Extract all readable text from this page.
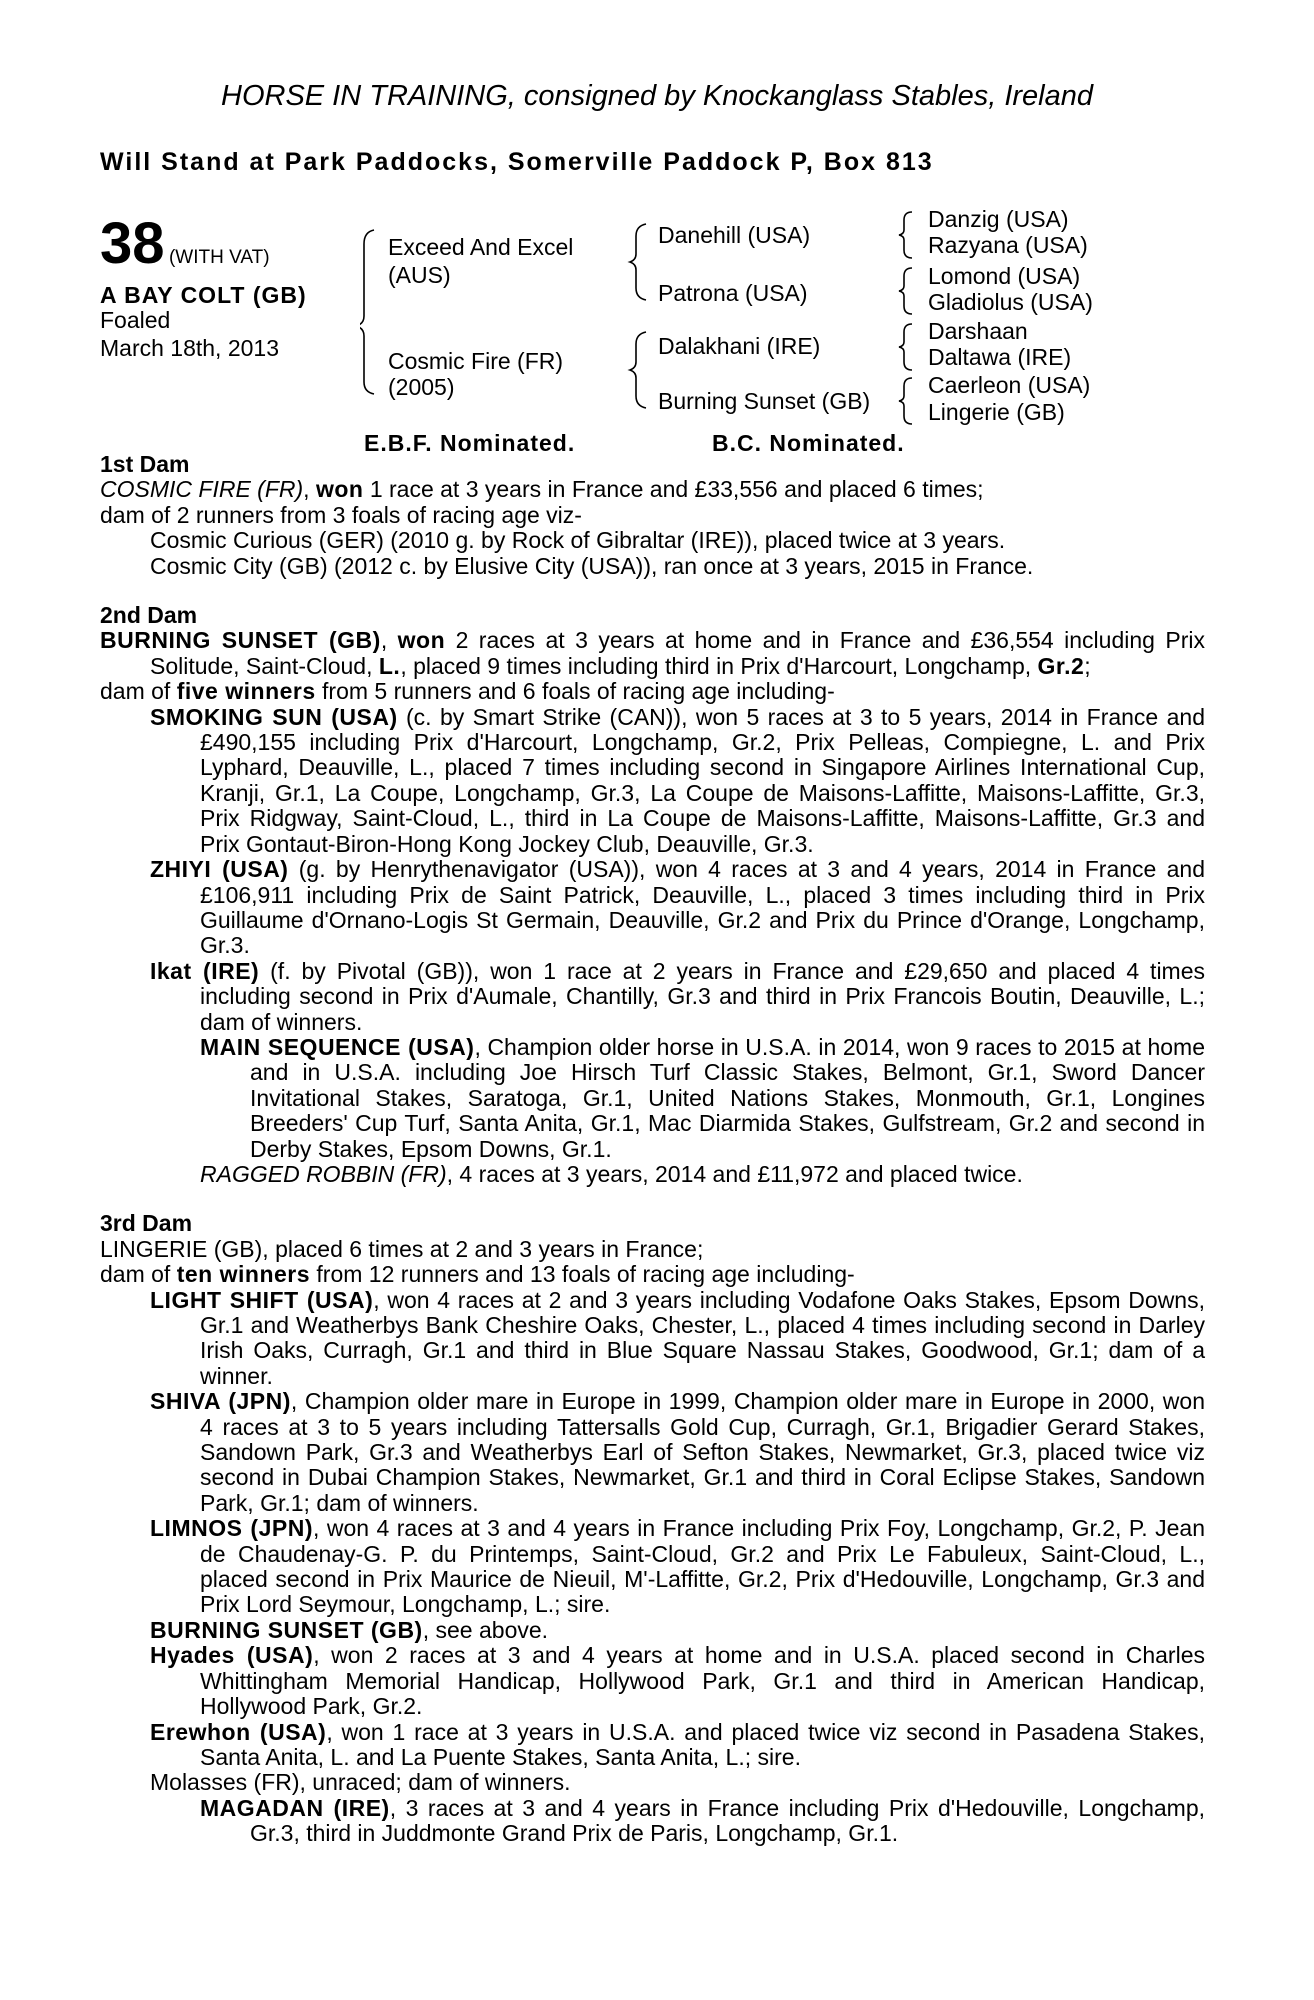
HORSE IN TRAINING, consigned by Knockanglass Stables, Ireland
Will Stand at Park Paddocks, Somerville Paddock P, Box 813
38 (WITH VAT)
A BAY COLT (GB)
Foaled
March 18th, 2013
Exceed And Excel
(AUS)
Cosmic Fire (FR)
(2005)
Danehill (USA)
Patrona (USA)
Dalakhani (IRE)
Burning Sunset (GB)
Danzig (USA)
Razyana (USA)
Lomond (USA)
Gladiolus (USA)
Darshaan
Daltawa (IRE)
Caerleon (USA)
Lingerie (GB)
E.B.F. Nominated.	B.C. Nominated.
1st Dam
COSMIC FIRE (FR), won 1 race at 3 years in France and £33,556 and placed 6 times;
dam of 2 runners from 3 foals of racing age viz-
Cosmic Curious (GER) (2010 g. by Rock of Gibraltar (IRE)), placed twice at 3 years.
Cosmic City (GB) (2012 c. by Elusive City (USA)), ran once at 3 years, 2015 in France.
2nd Dam
BURNING SUNSET (GB), won 2 races at 3 years at home and in France and £36,554 including Prix Solitude, Saint-Cloud, L., placed 9 times including third in Prix d'Harcourt, Longchamp, Gr.2;
dam of five winners from 5 runners and 6 foals of racing age including-
SMOKING SUN (USA) (c. by Smart Strike (CAN)), won 5 races at 3 to 5 years, 2014 in France and £490,155 including Prix d'Harcourt, Longchamp, Gr.2, Prix Pelleas, Compiegne, L. and Prix Lyphard, Deauville, L., placed 7 times including second in Singapore Airlines International Cup, Kranji, Gr.1, La Coupe, Longchamp, Gr.3, La Coupe de Maisons-Laffitte, Maisons-Laffitte, Gr.3, Prix Ridgway, Saint-Cloud, L., third in La Coupe de Maisons-Laffitte, Maisons-Laffitte, Gr.3 and Prix Gontaut-Biron-Hong Kong Jockey Club, Deauville, Gr.3.
ZHIYI (USA) (g. by Henrythenavigator (USA)), won 4 races at 3 and 4 years, 2014 in France and £106,911 including Prix de Saint Patrick, Deauville, L., placed 3 times including third in Prix Guillaume d'Ornano-Logis St Germain, Deauville, Gr.2 and Prix du Prince d'Orange, Longchamp, Gr.3.
Ikat (IRE) (f. by Pivotal (GB)), won 1 race at 2 years in France and £29,650 and placed 4 times including second in Prix d'Aumale, Chantilly, Gr.3 and third in Prix Francois Boutin, Deauville, L.; dam of winners.
MAIN SEQUENCE (USA), Champion older horse in U.S.A. in 2014, won 9 races to 2015 at home and in U.S.A. including Joe Hirsch Turf Classic Stakes, Belmont, Gr.1, Sword Dancer Invitational Stakes, Saratoga, Gr.1, United Nations Stakes, Monmouth, Gr.1, Longines Breeders' Cup Turf, Santa Anita, Gr.1, Mac Diarmida Stakes, Gulfstream, Gr.2 and second in Derby Stakes, Epsom Downs, Gr.1.
RAGGED ROBBIN (FR), 4 races at 3 years, 2014 and £11,972 and placed twice.
3rd Dam
LINGERIE (GB), placed 6 times at 2 and 3 years in France;
dam of ten winners from 12 runners and 13 foals of racing age including-
LIGHT SHIFT (USA), won 4 races at 2 and 3 years including Vodafone Oaks Stakes, Epsom Downs, Gr.1 and Weatherbys Bank Cheshire Oaks, Chester, L., placed 4 times including second in Darley Irish Oaks, Curragh, Gr.1 and third in Blue Square Nassau Stakes, Goodwood, Gr.1; dam of a winner.
SHIVA (JPN), Champion older mare in Europe in 1999, Champion older mare in Europe in 2000, won 4 races at 3 to 5 years including Tattersalls Gold Cup, Curragh, Gr.1, Brigadier Gerard Stakes, Sandown Park, Gr.3 and Weatherbys Earl of Sefton Stakes, Newmarket, Gr.3, placed twice viz second in Dubai Champion Stakes, Newmarket, Gr.1 and third in Coral Eclipse Stakes, Sandown Park, Gr.1; dam of winners.
LIMNOS (JPN), won 4 races at 3 and 4 years in France including Prix Foy, Longchamp, Gr.2, P. Jean de Chaudenay-G. P. du Printemps, Saint-Cloud, Gr.2 and Prix Le Fabuleux, Saint-Cloud, L., placed second in Prix Maurice de Nieuil, M'-Laffitte, Gr.2, Prix d'Hedouville, Longchamp, Gr.3 and Prix Lord Seymour, Longchamp, L.; sire.
BURNING SUNSET (GB), see above.
Hyades (USA), won 2 races at 3 and 4 years at home and in U.S.A. placed second in Charles Whittingham Memorial Handicap, Hollywood Park, Gr.1 and third in American Handicap, Hollywood Park, Gr.2.
Erewhon (USA), won 1 race at 3 years in U.S.A. and placed twice viz second in Pasadena Stakes, Santa Anita, L. and La Puente Stakes, Santa Anita, L.; sire.
Molasses (FR), unraced; dam of winners.
MAGADAN (IRE), 3 races at 3 and 4 years in France including Prix d'Hedouville, Longchamp, Gr.3, third in Juddmonte Grand Prix de Paris, Longchamp, Gr.1.
